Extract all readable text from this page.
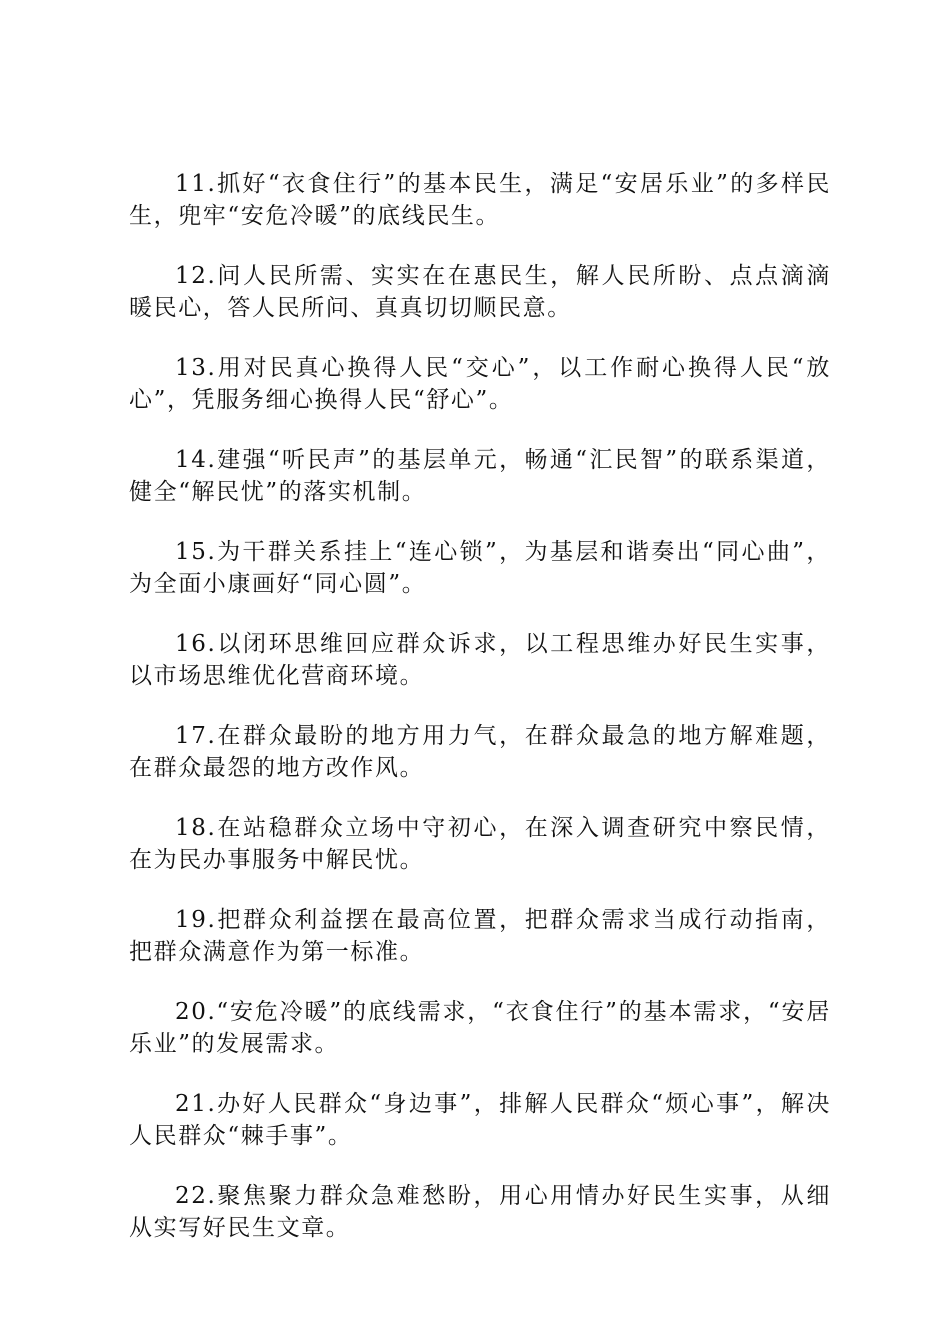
11.抓好“衣食住行”的基本民生，满足“安居乐业”的多样民生，兜牢“安危冷暖”的底线民生。

12.问人民所需、实实在在惠民生，解人民所盼、点点滴滴暖民心，答人民所问、真真切切顺民意。

13.用对民真心换得人民“交心”，以工作耐心换得人民“放心”，凭服务细心换得人民“舒心”。

14.建强“听民声”的基层单元，畅通“汇民智”的联系渠道，健全“解民忧”的落实机制。

15.为干群关系挂上“连心锁”，为基层和谐奏出“同心曲”，为全面小康画好“同心圆”。

16.以闭环思维回应群众诉求，以工程思维办好民生实事，以市场思维优化营商环境。

17.在群众最盼的地方用力气，在群众最急的地方解难题，在群众最怨的地方改作风。

18.在站稳群众立场中守初心，在深入调查研究中察民情，在为民办事服务中解民忧。

19.把群众利益摆在最高位置，把群众需求当成行动指南，把群众满意作为第一标准。

20.“安危冷暖”的底线需求，“衣食住行”的基本需求，“安居乐业”的发展需求。

21.办好人民群众“身边事”，排解人民群众“烦心事”，解决人民群众“棘手事”。

22.聚焦聚力群众急难愁盼，用心用情办好民生实事，从细从实写好民生文章。
